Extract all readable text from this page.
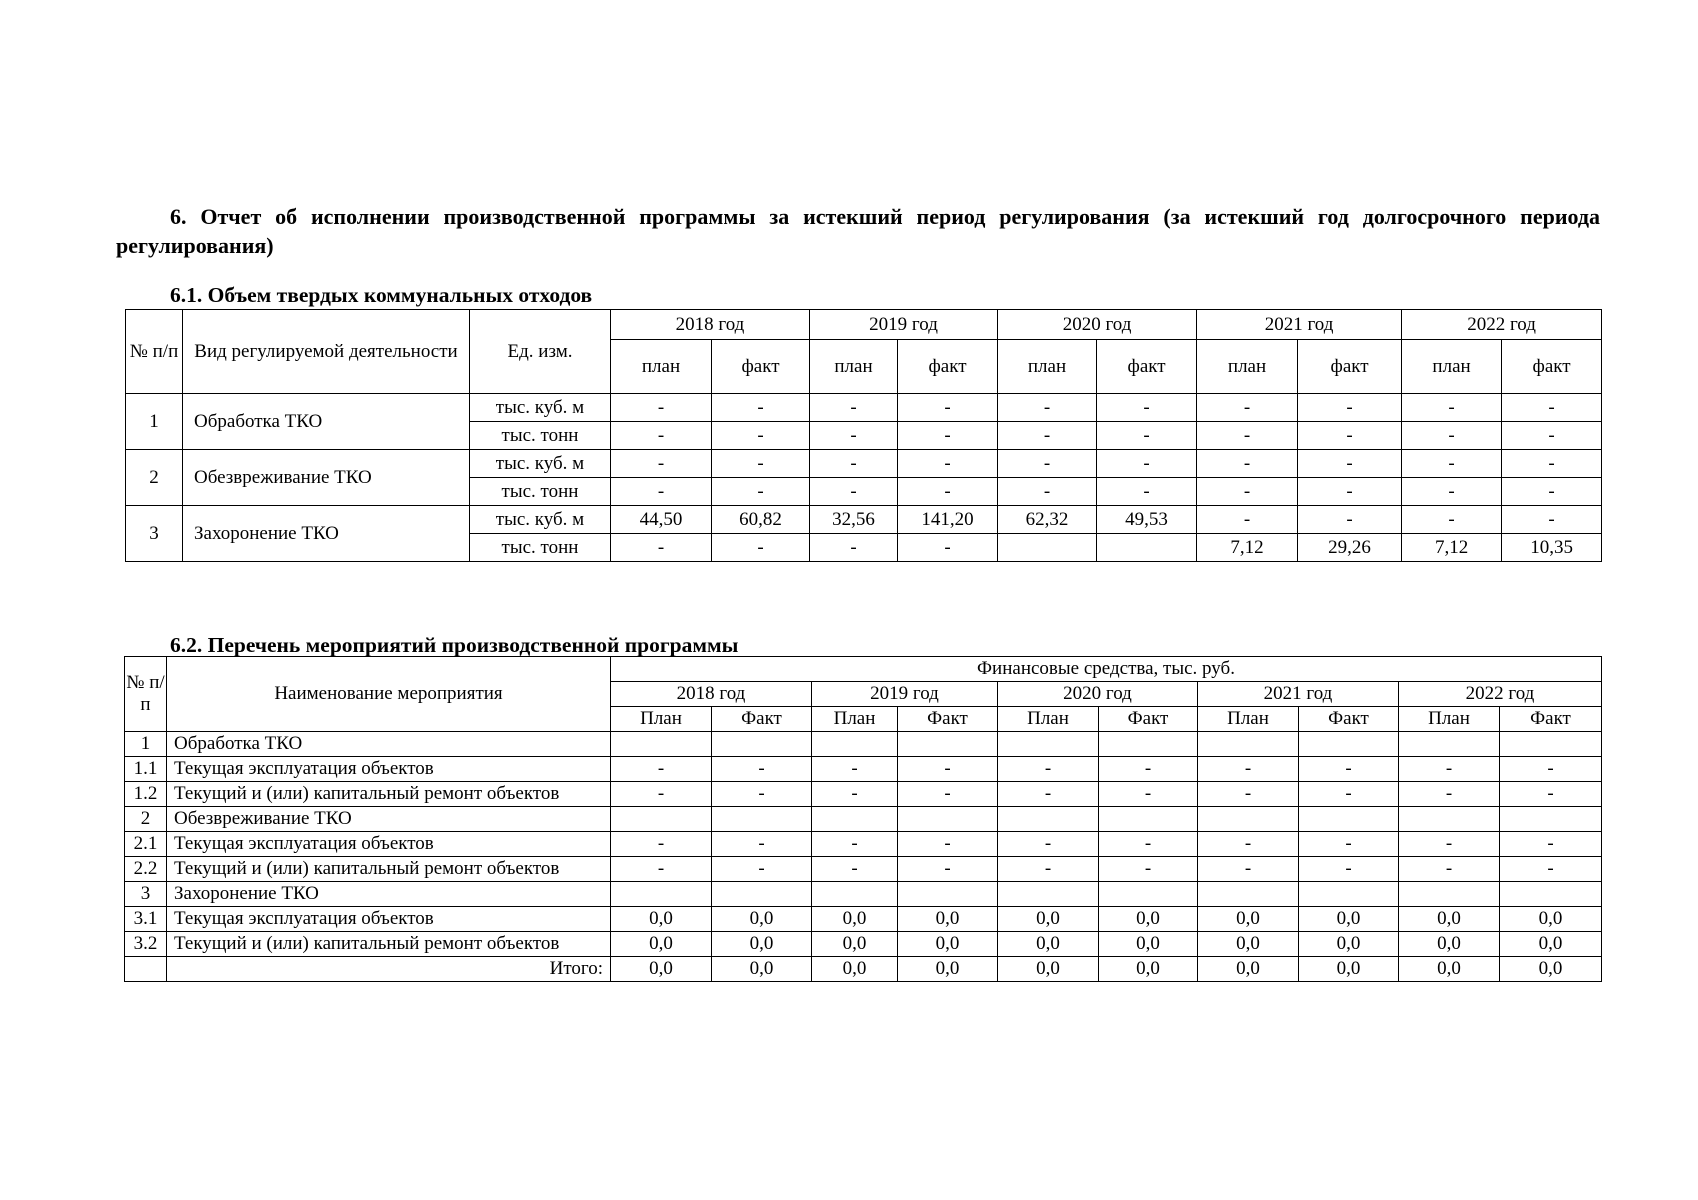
6. Отчет об исполнении производственной программы за истекший период регулирования (за истекший год долгосрочного периода регулирования)
6.1. Объем твердых коммунальных отходов
№ п/п	Вид регулируемой деятельности	Ед. изм.	2018 год		2019 год		2020 год		2021 год		2022 год	
			план	факт	план	факт	план	факт	план	факт	план	факт
1	Обработка ТКО	тыс. куб. м	-	-	-	-	-	-	-	-	-	-
		тыс. тонн	-	-	-	-	-	-	-	-	-	-
2	Обезвреживание ТКО	тыс. куб. м	-	-	-	-	-	-	-	-	-	-
		тыс. тонн	-	-	-	-	-	-	-	-	-	-
3	Захоронение ТКО	тыс. куб. м	44,50	60,82	32,56	141,20	62,32	49,53	-	-	-	-
		тыс. тонн	-	-	-	-			7,12	29,26	7,12	10,35
6.2. Перечень мероприятий производственной программы
№ п/п	Наименование мероприятия	Финансовые средства, тыс. руб.									
		2018 год		2019 год		2020 год		2021 год		2022 год	
		План	Факт	План	Факт	План	Факт	План	Факт	План	Факт
1	Обработка ТКО										
1.1	Текущая эксплуатация объектов	-	-	-	-	-	-	-	-	-	-
1.2	Текущий и (или) капитальный ремонт объектов	-	-	-	-	-	-	-	-	-	-
2	Обезвреживание ТКО										
2.1	Текущая эксплуатация объектов	-	-	-	-	-	-	-	-	-	-
2.2	Текущий и (или) капитальный ремонт объектов	-	-	-	-	-	-	-	-	-	-
3	Захоронение ТКО										
3.1	Текущая эксплуатация объектов	0,0	0,0	0,0	0,0	0,0	0,0	0,0	0,0	0,0	0,0
3.2	Текущий и (или) капитальный ремонт объектов	0,0	0,0	0,0	0,0	0,0	0,0	0,0	0,0	0,0	0,0
	Итого:	0,0	0,0	0,0	0,0	0,0	0,0	0,0	0,0	0,0	0,0
